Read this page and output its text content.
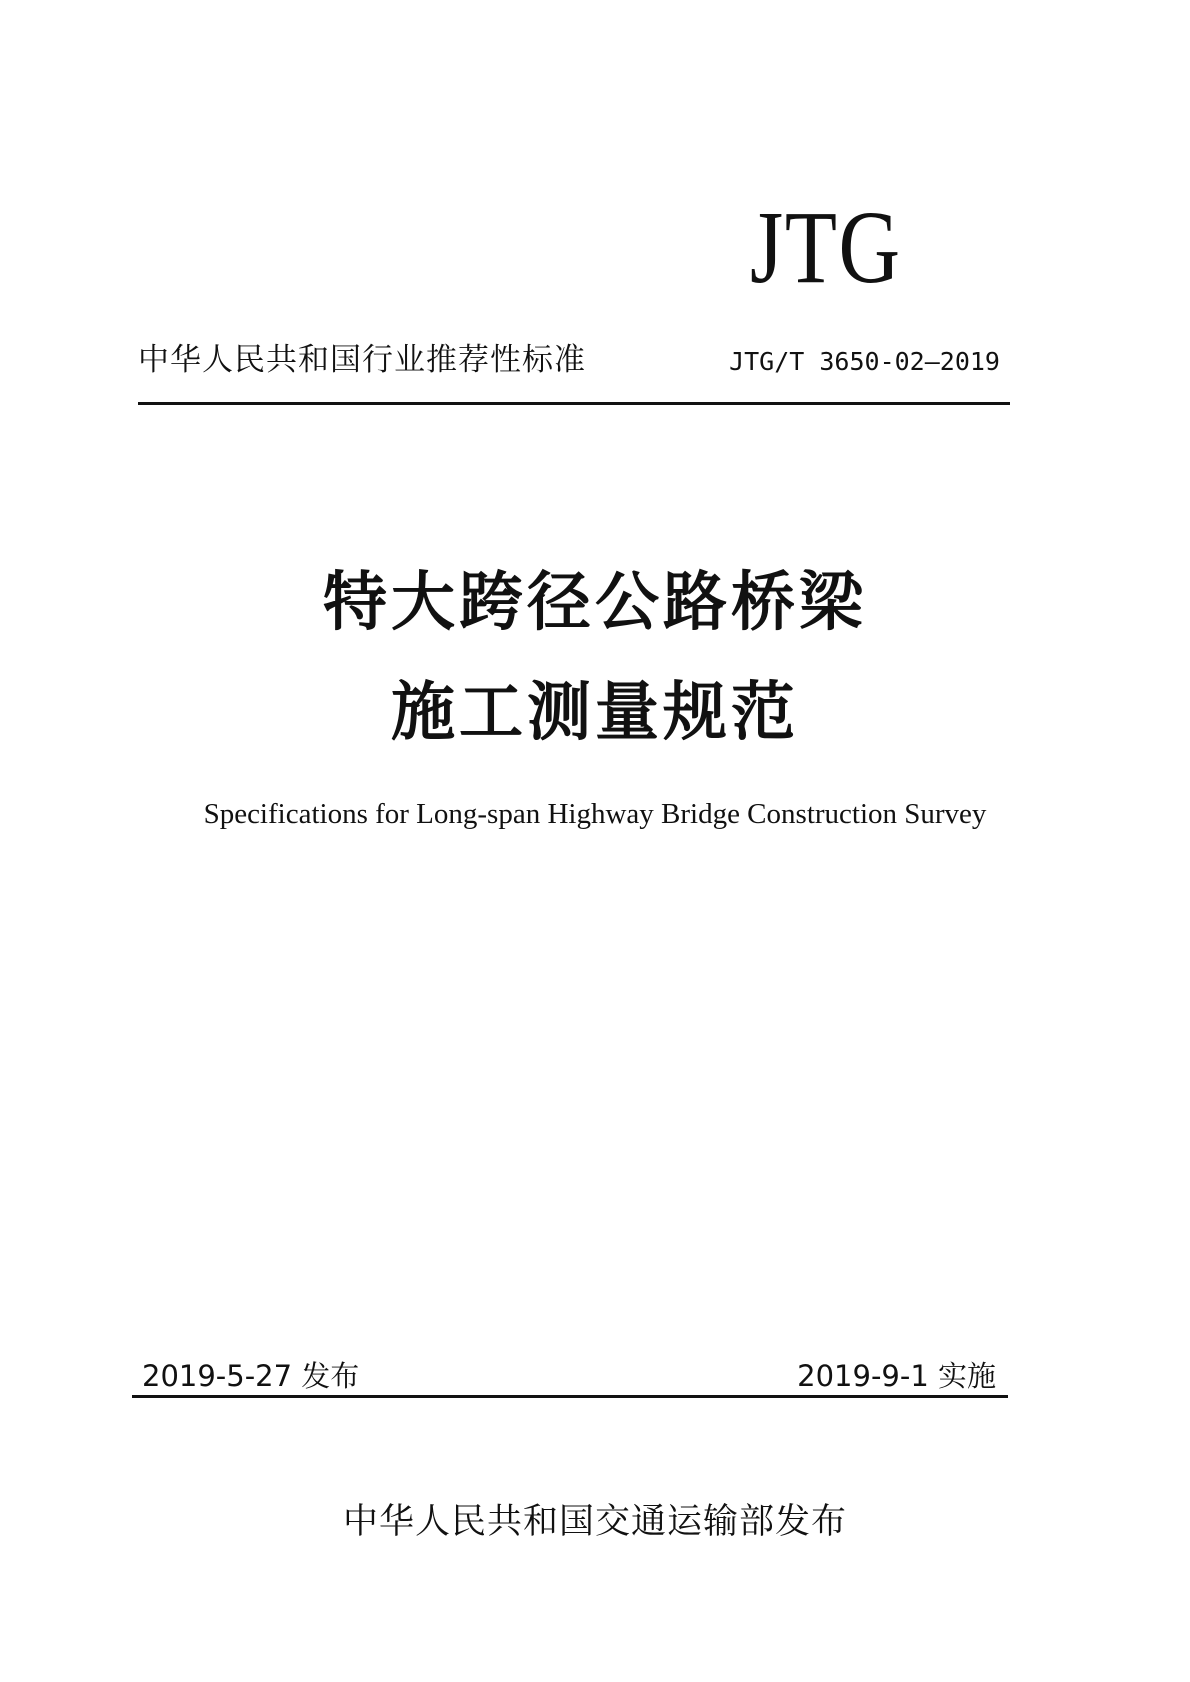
JTG
中华人民共和国行业推荐性标准	JTG/T 3650-02—2019
特大跨径公路桥梁
施工测量规范
Specifications for Long-span Highway Bridge Construction Survey
2019-5-27 发布	2019-9-1 实施
中华人民共和国交通运输部发布
